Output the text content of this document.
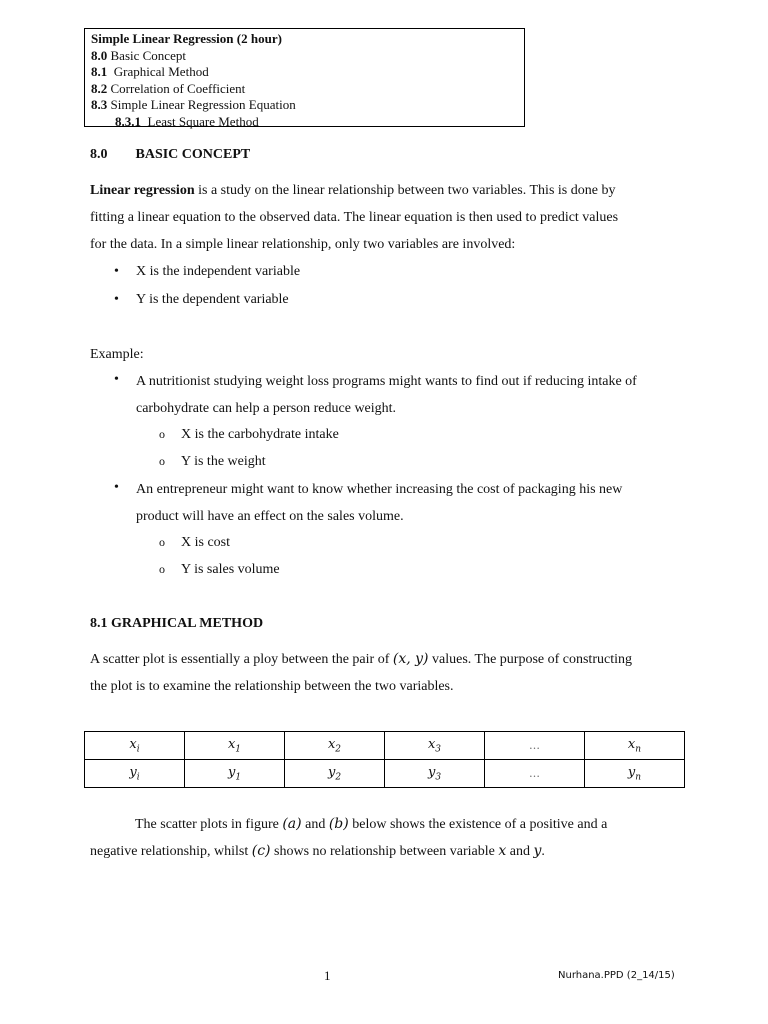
Simple Linear Regression (2 hour)
8.0 Basic Concept
8.1 Graphical Method
8.2 Correlation of Coefficient
8.3 Simple Linear Regression Equation
8.3.1 Least Square Method
8.0 BASIC CONCEPT
Linear regression is a study on the linear relationship between two variables. This is done by
fitting a linear equation to the observed data. The linear equation is then used to predict values
for the data. In a simple linear relationship, only two variables are involved:
•	X is the independent variable
•	Y is the dependent variable
Example:
•	A nutritionist studying weight loss programs might wants to find out if reducing intake of
carbohydrate can help a person reduce weight.
o X is the carbohydrate intake
o Y is the weight
•	An entrepreneur might want to know whether increasing the cost of packaging his new
product will have an effect on the sales volume.
o X is cost
o Y is sales volume
8.1 GRAPHICAL METHOD
A scatter plot is essentially a ploy between the pair of (x, y) values. The purpose of constructing
the plot is to examine the relationship between the two variables.
$x_i$	$x_1$	$x_2$	$x_3$	…	$x_n$
$y_i$	$y_1$	$y_2$	$y_3$	…	$y_n$
The scatter plots in figure (a) and (b) below shows the existence of a positive and a
negative relationship, whilst (c) shows no relationship between variable x and y.
1	Nurhana.PPD (2_14/15)
